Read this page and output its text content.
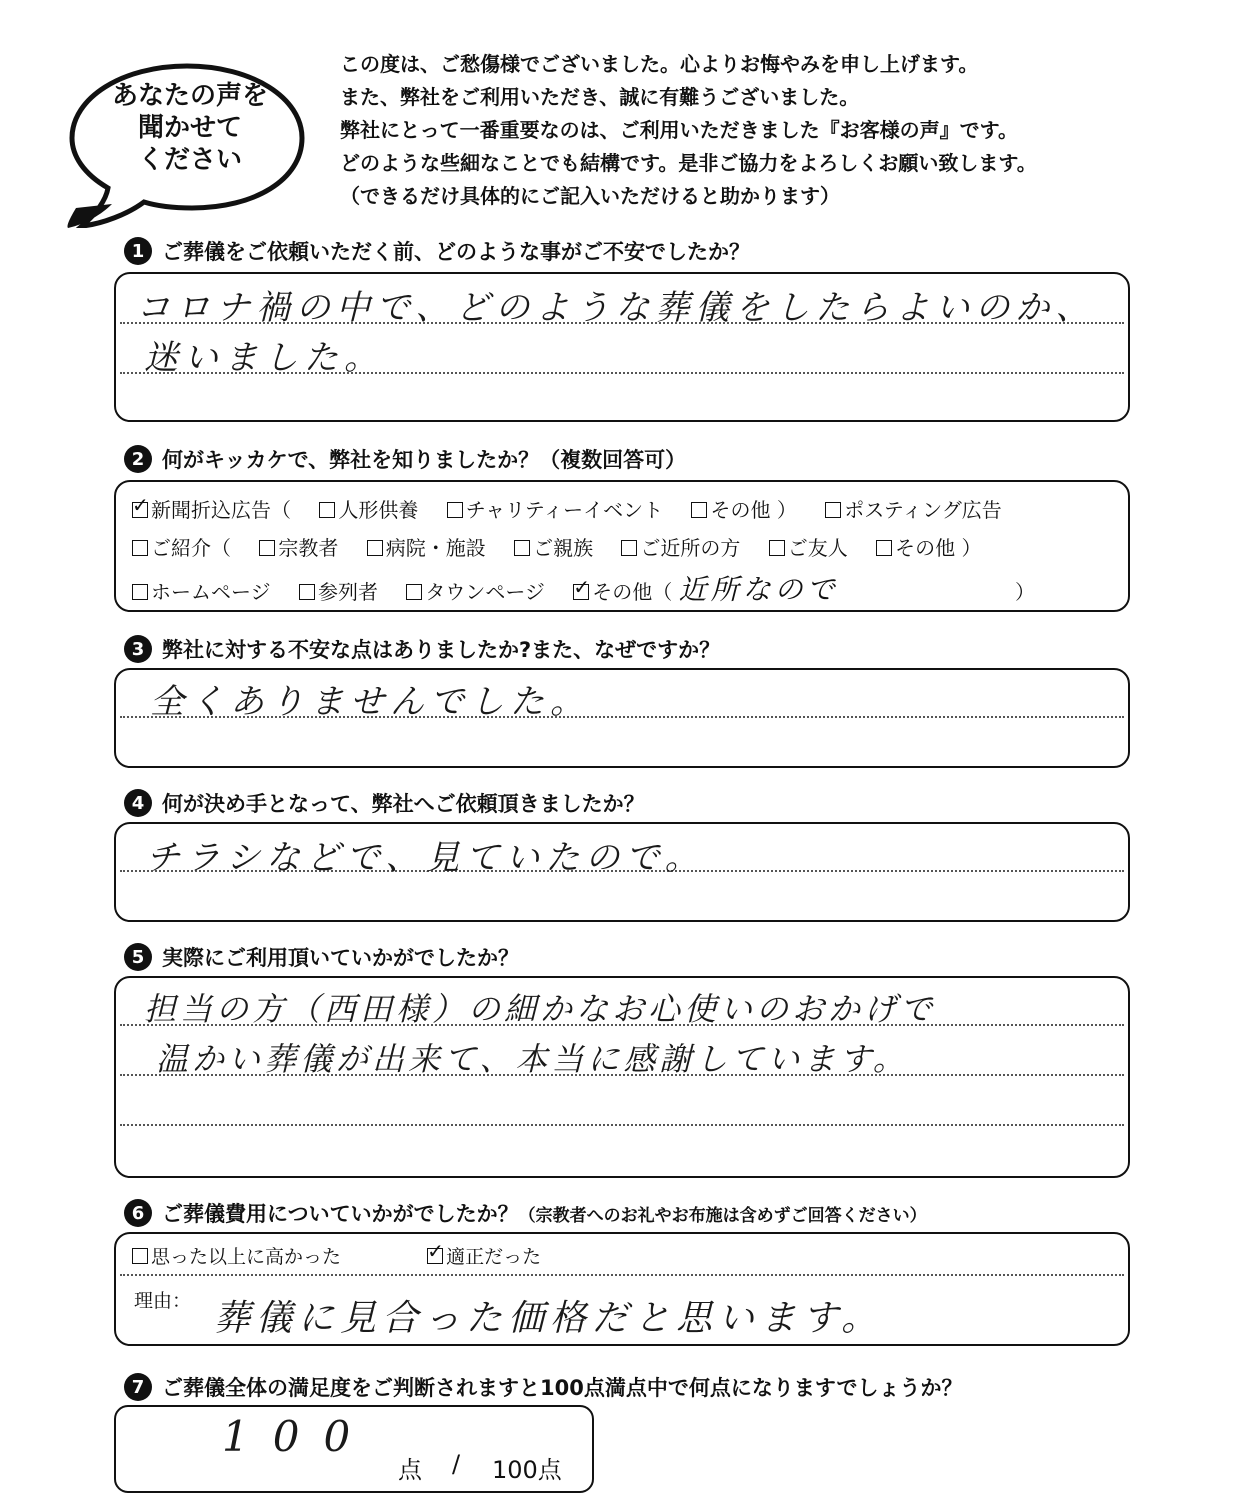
あなたの声を
聞かせて
ください
この度は、ご愁傷様でございました。心よりお悔やみを申し上げます。
また、弊社をご利用いただき、誠に有難うございました。
弊社にとって一番重要なのは、ご利用いただきました『お客様の声』です。
どのような些細なことでも結構です。是非ご協力をよろしくお願い致します。
（できるだけ具体的にご記入いただけると助かります）
1 ご葬儀をご依頼いただく前、どのような事がご不安でしたか？
コロナ禍の中で、どのような葬儀をしたらよいのか、
迷いました。
2 何がキッカケで、弊社を知りましたか？（複数回答可）
✓新聞折込広告（ 人形供養 チャリティーイベント その他 ） ポスティング広告
ご紹介（ 宗教者 病院・施設 ご親族 ご近所の方 ご友人 その他 ）
ホームページ 参列者 タウンページ ✓ その他（ 近所なので	）
3 弊社に対する不安な点はありましたか?また、なぜですか？
全くありませんでした。
4 何が決め手となって、弊社へご依頼頂きましたか？
チラシなどで、見ていたので。
5 実際にご利用頂いていかがでしたか？
担当の方（西田様）の細かなお心使いのおかげで
温かい葬儀が出来て、本当に感謝しています。
6 ご葬儀費用についていかがでしたか？ （宗教者へのお礼やお布施は含めずご回答ください）
思った以上に高かった ✓	適正だった
理由： 葬儀に見合った価格だと思います。
7 ご葬儀全体の満足度をご判断されますと100点満点中で何点になりますでしょうか？
100
点 / 100点
